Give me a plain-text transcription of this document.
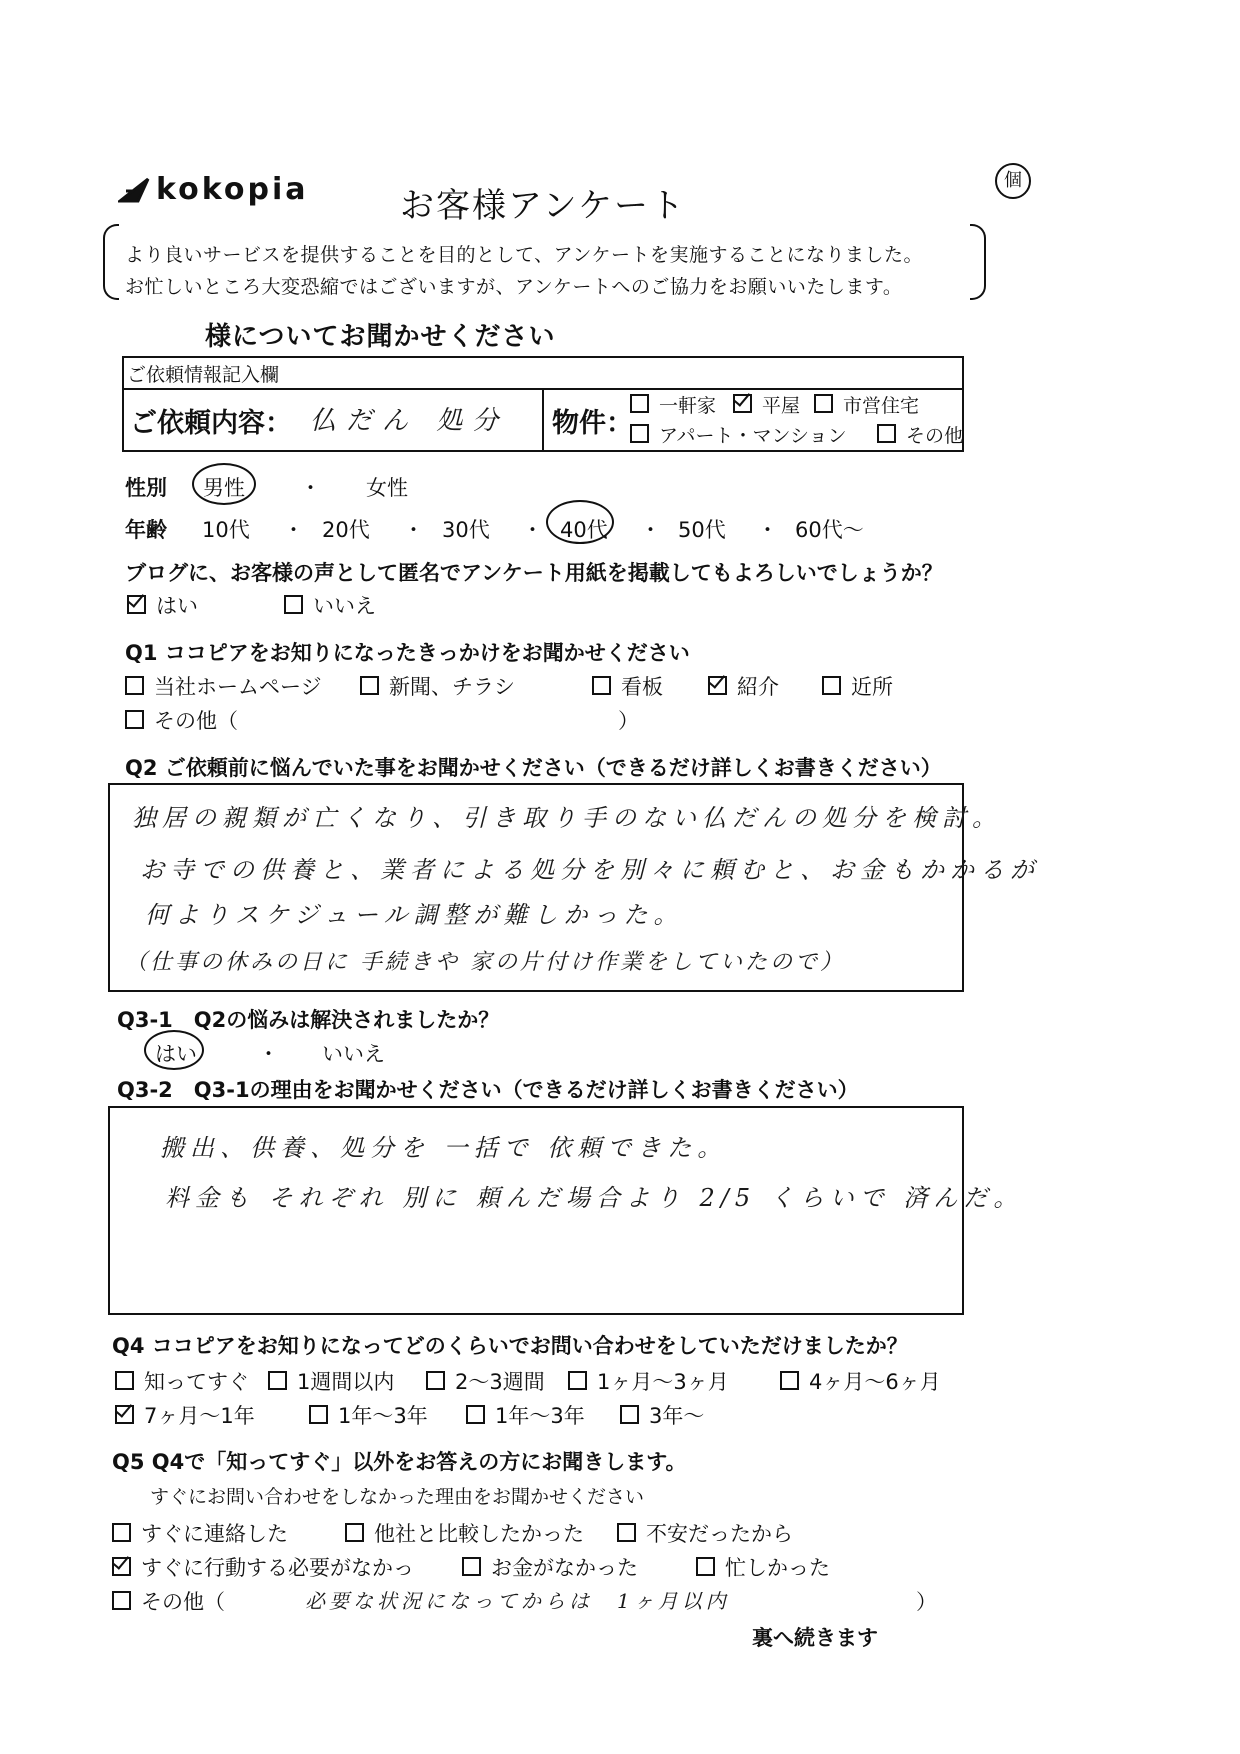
kokopia	お客様アンケート
個
より良いサービスを提供することを目的として、アンケートを実施することになりました。
お忙しいところ大変恐縮ではございますが、アンケートへのご協力をお願いいたします。
様についてお聞かせください
ご依頼情報記入欄
ご依頼内容： 仏だん 処分 物件：
一軒家	平屋	市営住宅
アパート・マンション	その他
性別 男性	・ 女性
年齢 10代 ・ 20代 ・ 30代 ・ 40代 ・ 50代 ・ 60代〜
ブログに、お客様の声として匿名でアンケート用紙を掲載してもよろしいでしょうか？
はい	いいえ
Q1 ココピアをお知りになったきっかけをお聞かせください
当社ホームページ	新聞、チラシ	看板	紹介	近所
その他（	）
Q2 ご依頼前に悩んでいた事をお聞かせください（できるだけ詳しくお書きください）
独居の親類が亡くなり、引き取り手のない仏だんの処分を検討。
お寺での供養と、業者による処分を別々に頼むと、お金もかかるが
何よりスケジュール調整が難しかった。
（仕事の休みの日に 手続きや 家の片付け作業をしていたので）
Q3-1　Q2の悩みは解決されましたか？
はい	・ いいえ
Q3-2　Q3-1の理由をお聞かせください（できるだけ詳しくお書きください）
搬出、供養、処分を 一括で 依頼できた。
料金も それぞれ 別に 頼んだ場合より 2/5 くらいで 済んだ。
Q4 ココピアをお知りになってどのくらいでお問い合わせをしていただけましたか？
知ってすぐ	1週間以内	2〜3週間	1ヶ月〜3ヶ月	4ヶ月〜6ヶ月
7ヶ月〜1年	1年〜3年	1年〜3年	3年〜
Q5 Q4で「知ってすぐ」以外をお答えの方にお聞きします。
すぐにお問い合わせをしなかった理由をお聞かせください
すぐに連絡した	他社と比較したかった	不安だったから
すぐに行動する必要がなかっ	お金がなかった	忙しかった
その他（	必要な状況になってからは　1ヶ月以内	）
裏へ続きます
